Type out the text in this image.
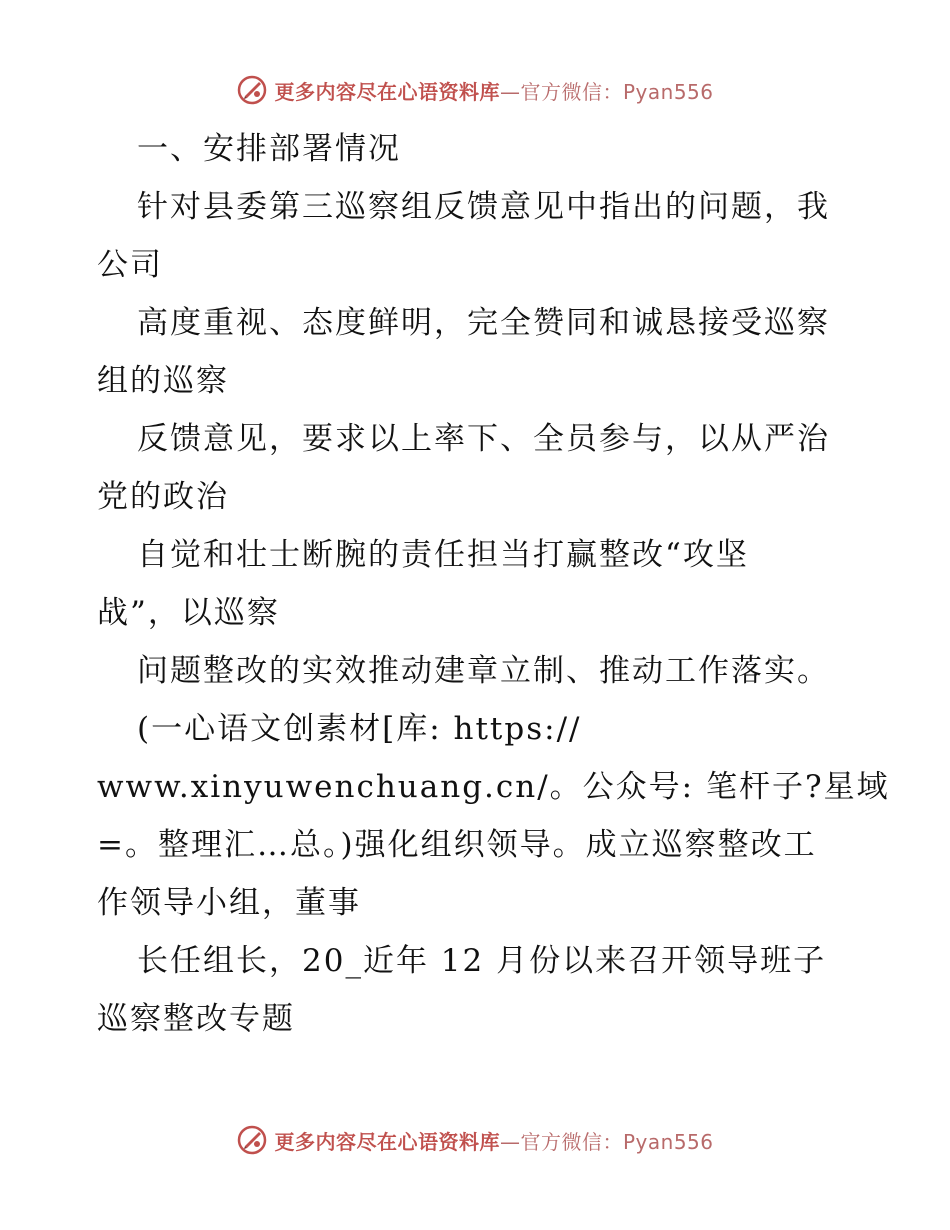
更多内容尽在心语资料库—官方微信：Pyan556
一、安排部署情况
针对县委第三巡察组反馈意见中指出的问题，我
公司
高度重视、态度鲜明，完全赞同和诚恳接受巡察
组的巡察
反馈意见，要求以上率下、全员参与，以从严治
党的政治
自觉和壮士断腕的责任担当打赢整改“攻坚
战”，以巡察
问题整改的实效推动建章立制、推动工作落实。
(一心语文创素材[库: https://
www.xinyuwenchuang.cn/。公众号: 笔杆子?星域
=。整理汇…总。)强化组织领导。成立巡察整改工
作领导小组，董事
长任组长，20_近年 12 月份以来召开领导班子
巡察整改专题
更多内容尽在心语资料库—官方微信：Pyan556
